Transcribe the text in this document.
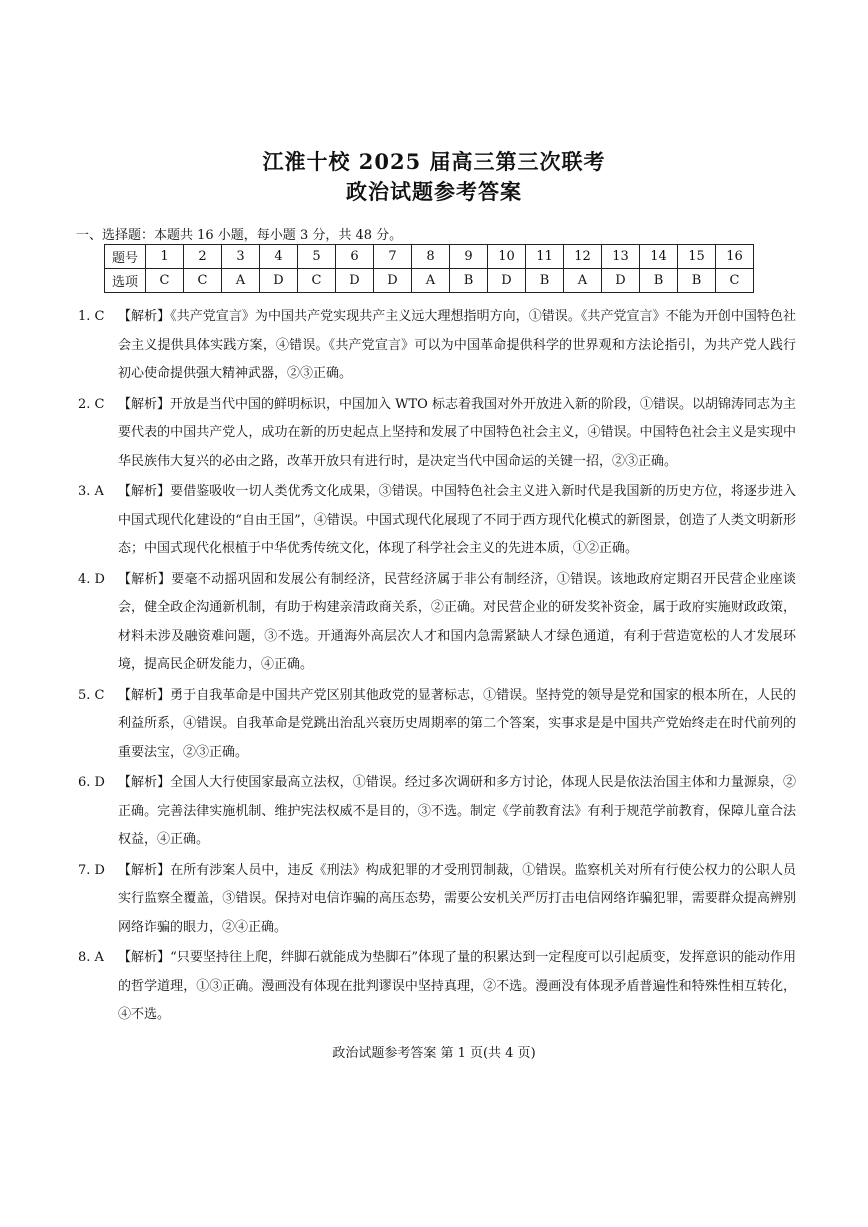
江淮十校 2025 届高三第三次联考
政治试题参考答案
一、选择题：本题共 16 小题，每小题 3 分，共 48 分。
题号	1	2	3	4	5	6	7	8	9	10	11	12	13	14	15	16
选项	C	C	A	D	C	D	D	A	B	D	B	A	D	B	B	C
1. C	【解析】《共产党宣言》为中国共产党实现共产主义远大理想指明方向，①错误。《共产党宣言》不能为开创中国特色社会主义提供具体实践方案，④错误。《共产党宣言》可以为中国革命提供科学的世界观和方法论指引，为共产党人践行初心使命提供强大精神武器，②③正确。
2. C	【解析】开放是当代中国的鲜明标识，中国加入 WTO 标志着我国对外开放进入新的阶段，①错误。以胡锦涛同志为主要代表的中国共产党人，成功在新的历史起点上坚持和发展了中国特色社会主义，④错误。中国特色社会主义是实现中华民族伟大复兴的必由之路，改革开放只有进行时，是决定当代中国命运的关键一招，②③正确。
3. A	【解析】要借鉴吸收一切人类优秀文化成果，③错误。中国特色社会主义进入新时代是我国新的历史方位，将逐步进入中国式现代化建设的“自由王国”，④错误。中国式现代化展现了不同于西方现代化模式的新图景，创造了人类文明新形态；中国式现代化根植于中华优秀传统文化，体现了科学社会主义的先进本质，①②正确。
4. D	【解析】要毫不动摇巩固和发展公有制经济，民营经济属于非公有制经济，①错误。该地政府定期召开民营企业座谈会，健全政企沟通新机制，有助于构建亲清政商关系，②正确。对民营企业的研发奖补资金，属于政府实施财政政策，材料未涉及融资难问题，③不选。开通海外高层次人才和国内急需紧缺人才绿色通道，有利于营造宽松的人才发展环境，提高民企研发能力，④正确。
5. C	【解析】勇于自我革命是中国共产党区别其他政党的显著标志，①错误。坚持党的领导是党和国家的根本所在，人民的利益所系，④错误。自我革命是党跳出治乱兴衰历史周期率的第二个答案，实事求是是中国共产党始终走在时代前列的重要法宝，②③正确。
6. D	【解析】全国人大行使国家最高立法权，①错误。经过多次调研和多方讨论，体现人民是依法治国主体和力量源泉，②正确。完善法律实施机制、维护宪法权威不是目的，③不选。制定《学前教育法》有利于规范学前教育，保障儿童合法权益，④正确。
7. D	【解析】在所有涉案人员中，违反《刑法》构成犯罪的才受刑罚制裁，①错误。监察机关对所有行使公权力的公职人员实行监察全覆盖，③错误。保持对电信诈骗的高压态势，需要公安机关严厉打击电信网络诈骗犯罪，需要群众提高辨别网络诈骗的眼力，②④正确。
8. A	【解析】“只要坚持往上爬，绊脚石就能成为垫脚石”体现了量的积累达到一定程度可以引起质变，发挥意识的能动作用的哲学道理，①③正确。漫画没有体现在批判谬误中坚持真理，②不选。漫画没有体现矛盾普遍性和特殊性相互转化，④不选。
政治试题参考答案 第 1 页(共 4 页)
